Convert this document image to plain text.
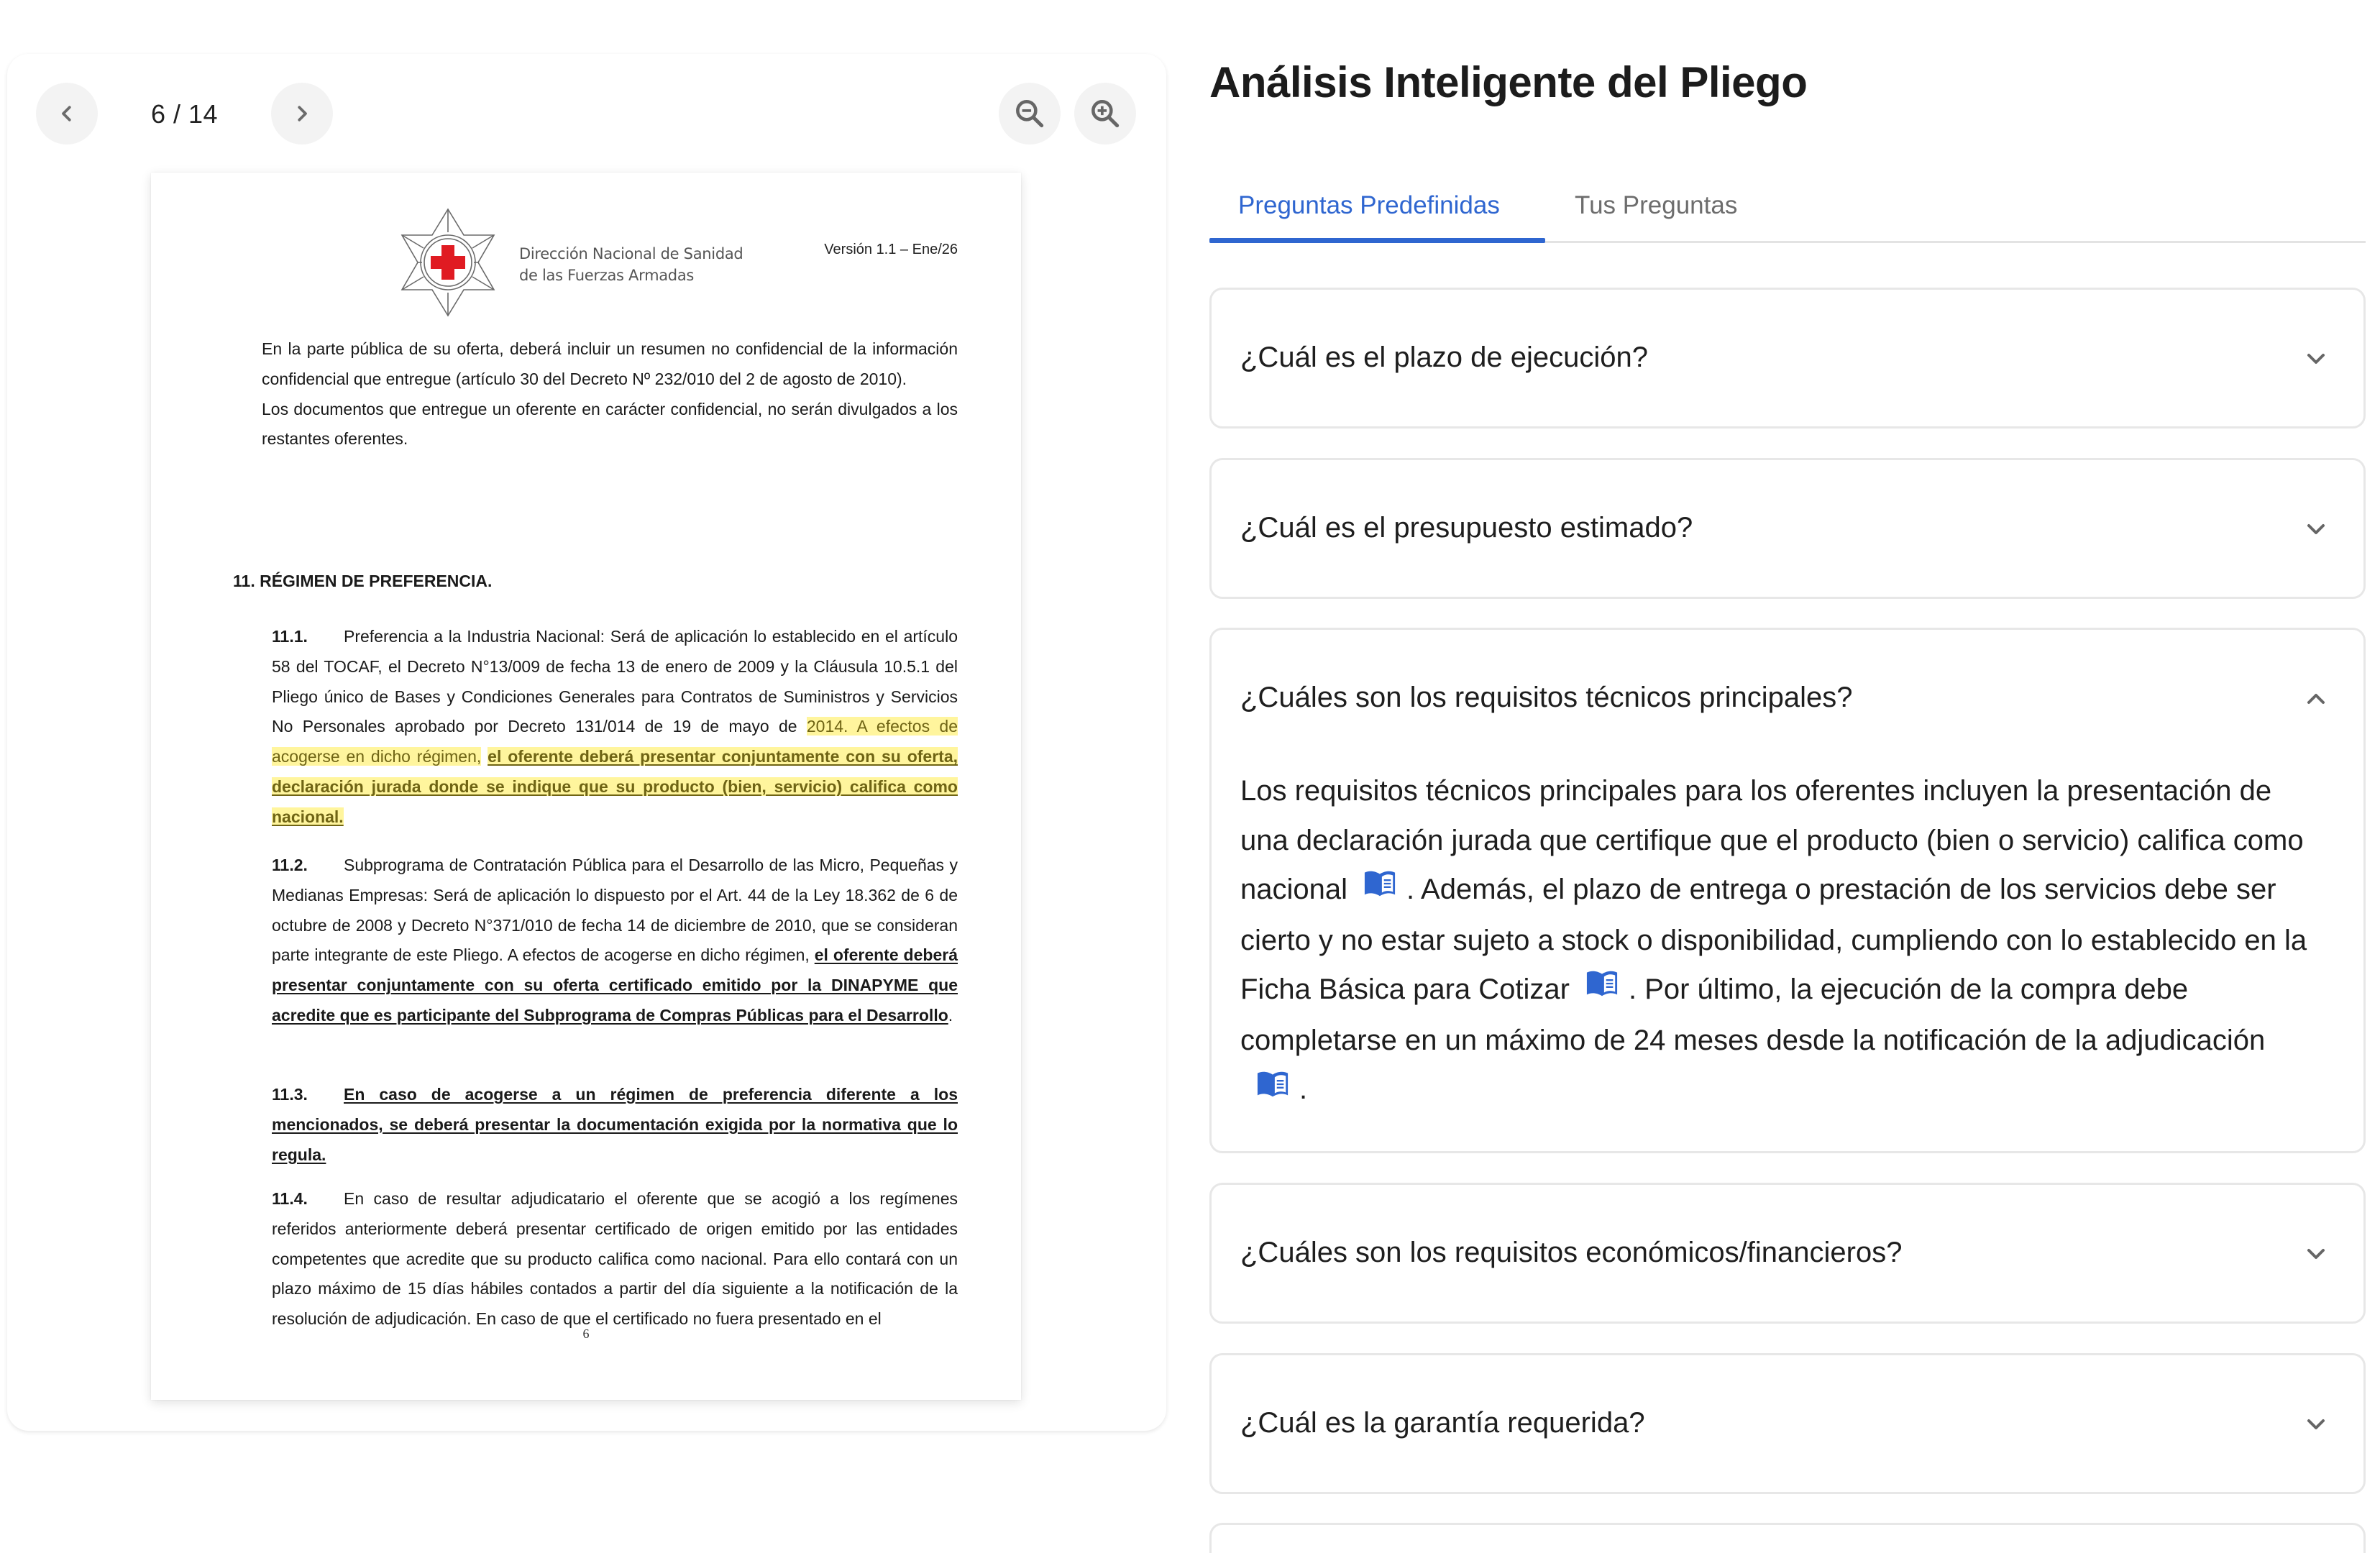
6 / 14
Dirección Nacional de Sanidad
de las Fuerzas Armadas
Versión 1.1 – Ene/26
En la parte pública de su oferta, deberá incluir un resumen no confidencial de la información confidencial que entregue (artículo 30 del Decreto Nº 232/010 del 2 de agosto de 2010).
Los documentos que entregue un oferente en carácter confidencial, no serán divulgados a los restantes oferentes.
11. RÉGIMEN DE PREFERENCIA.
11.1. Preferencia a la Industria Nacional: Será de aplicación lo establecido en el artículo 58 del TOCAF, el Decreto N°13/009 de fecha 13 de enero de 2009 y la Cláusula 10.5.1 del Pliego único de Bases y Condiciones Generales para Contratos de Suministros y Servicios No Personales aprobado por Decreto 131/014 de 19 de mayo de 2014. A efectos de acogerse en dicho régimen, el oferente deberá presentar conjuntamente con su oferta, declaración jurada donde se indique que su producto (bien, servicio) califica como nacional.
11.2. Subprograma de Contratación Pública para el Desarrollo de las Micro, Pequeñas y Medianas Empresas: Será de aplicación lo dispuesto por el Art. 44 de la Ley 18.362 de 6 de octubre de 2008 y Decreto N°371/010 de fecha 14 de diciembre de 2010, que se consideran parte integrante de este Pliego. A efectos de acogerse en dicho régimen, el oferente deberá presentar conjuntamente con su oferta certificado emitido por la DINAPYME que acredite que es participante del Subprograma de Compras Públicas para el Desarrollo.
11.3. En caso de acogerse a un régimen de preferencia diferente a los mencionados, se deberá presentar la documentación exigida por la normativa que lo regula.
11.4. En caso de resultar adjudicatario el oferente que se acogió a los regímenes referidos anteriormente deberá presentar certificado de origen emitido por las entidades competentes que acredite que su producto califica como nacional. Para ello contará con un plazo máximo de 15 días hábiles contados a partir del día siguiente a la notificación de la resolución de adjudicación. En caso de que el certificado no fuera presentado en el
6
Análisis Inteligente del Pliego
Preguntas Predefinidas	Tus Preguntas
¿Cuál es el plazo de ejecución?
¿Cuál es el presupuesto estimado?
¿Cuáles son los requisitos técnicos principales?
Los requisitos técnicos principales para los oferentes incluyen la presentación de una declaración jurada que certifique que el producto (bien o servicio) califica como nacional . Además, el plazo de entrega o prestación de los servicios debe ser cierto y no estar sujeto a stock o disponibilidad, cumpliendo con lo establecido en la Ficha Básica para Cotizar . Por último, la ejecución de la compra debe completarse en un máximo de 24 meses desde la notificación de la adjudicación.
¿Cuáles son los requisitos económicos/financieros?
¿Cuál es la garantía requerida?
